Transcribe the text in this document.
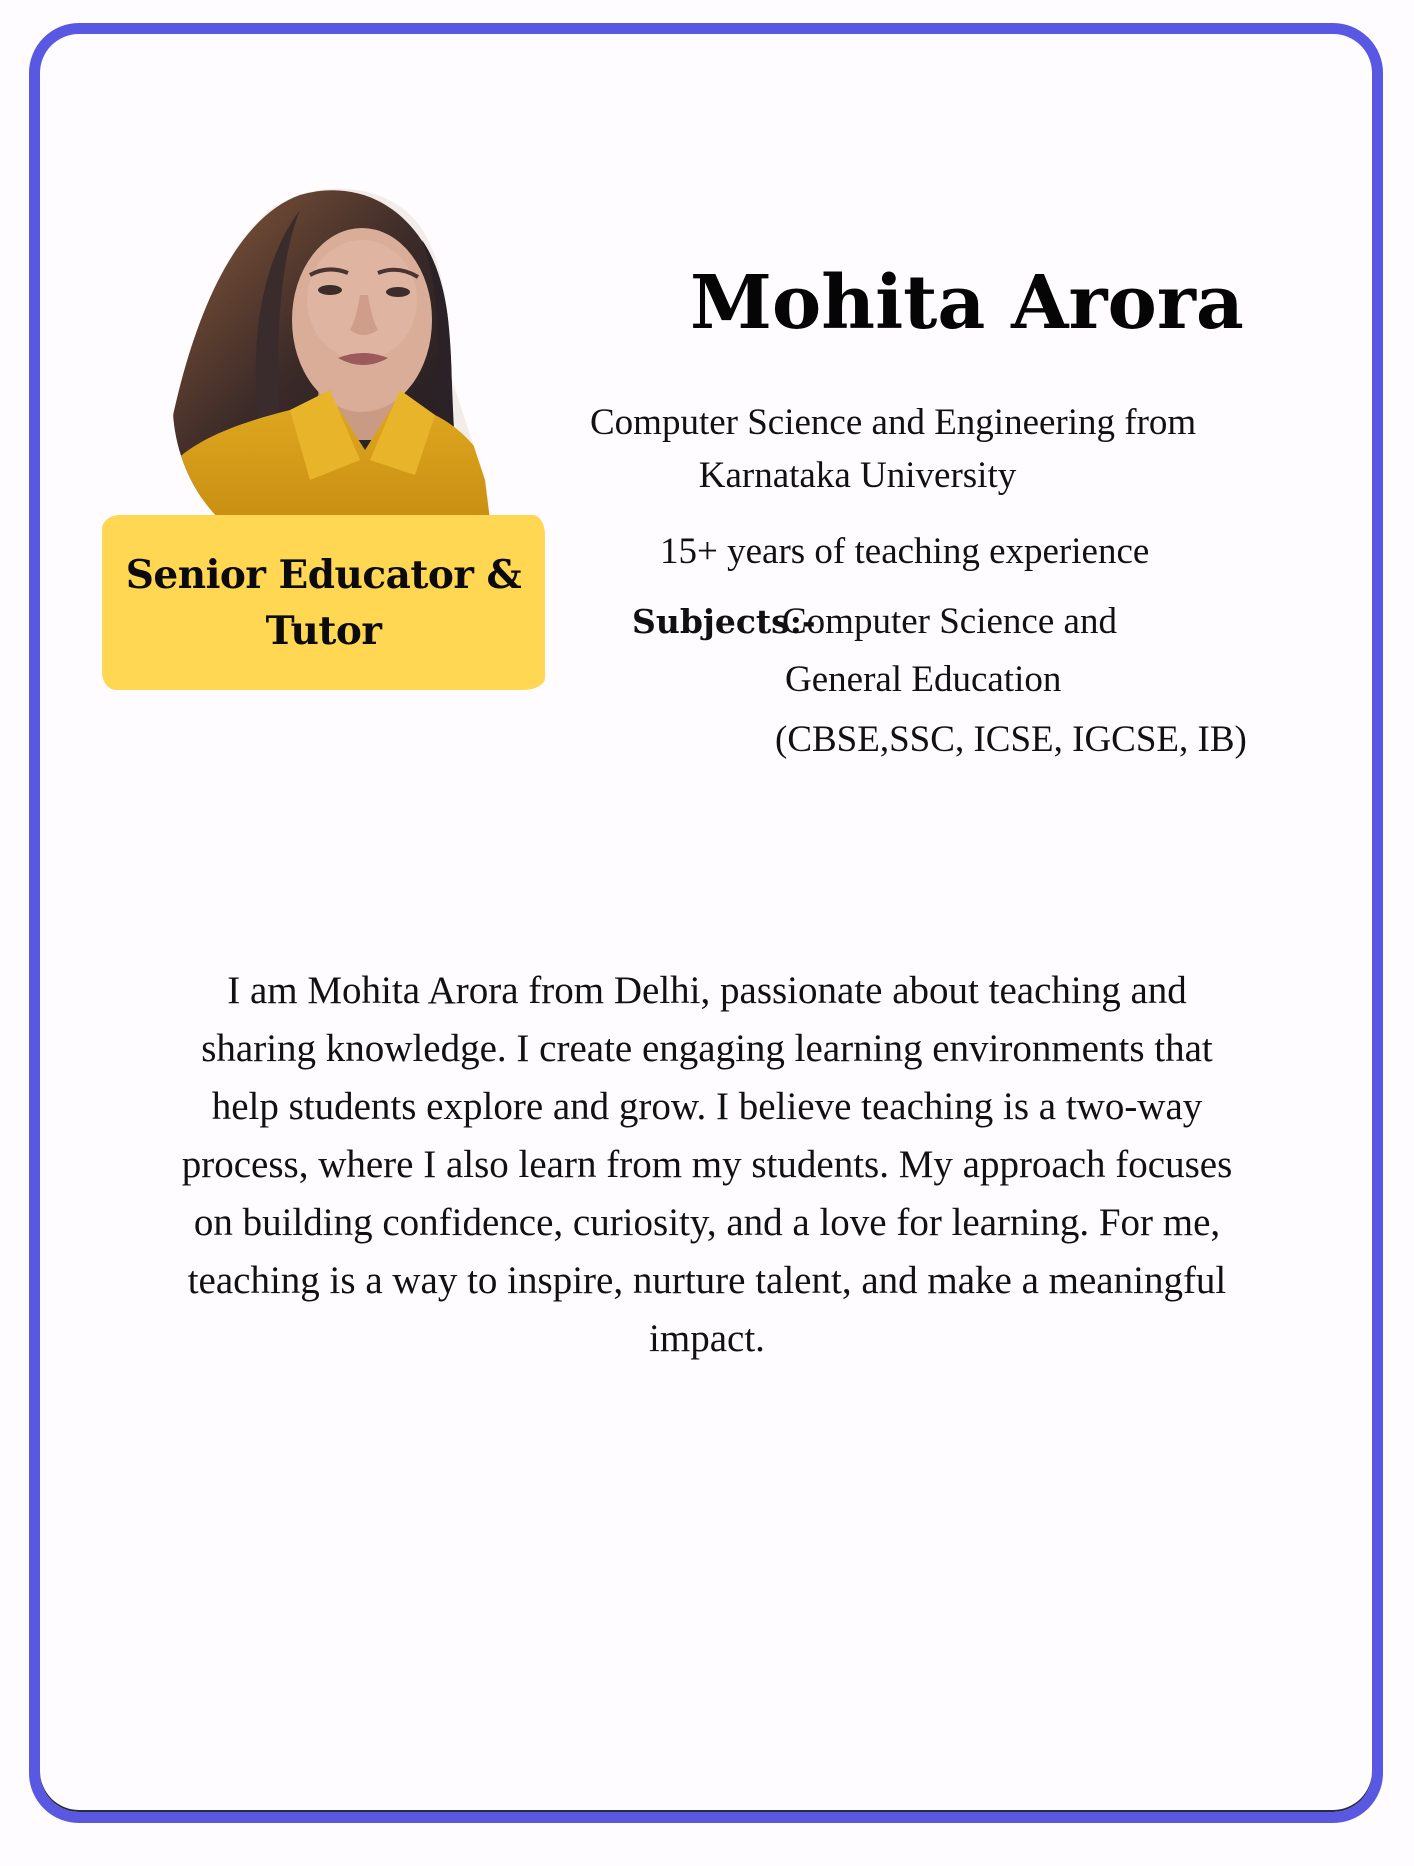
Senior Educator &
Tutor
Mohita Arora
Computer Science and Engineering from
Karnataka University
15+ years of teaching experience
Subjects:-
Computer Science and
General Education
(CBSE,SSC, ICSE, IGCSE, IB)
I am Mohita Arora from Delhi, passionate about teaching and
sharing knowledge. I create engaging learning environments that
help students explore and grow. I believe teaching is a two-way
process, where I also learn from my students. My approach focuses
on building confidence, curiosity, and a love for learning. For me,
teaching is a way to inspire, nurture talent, and make a meaningful
impact.
